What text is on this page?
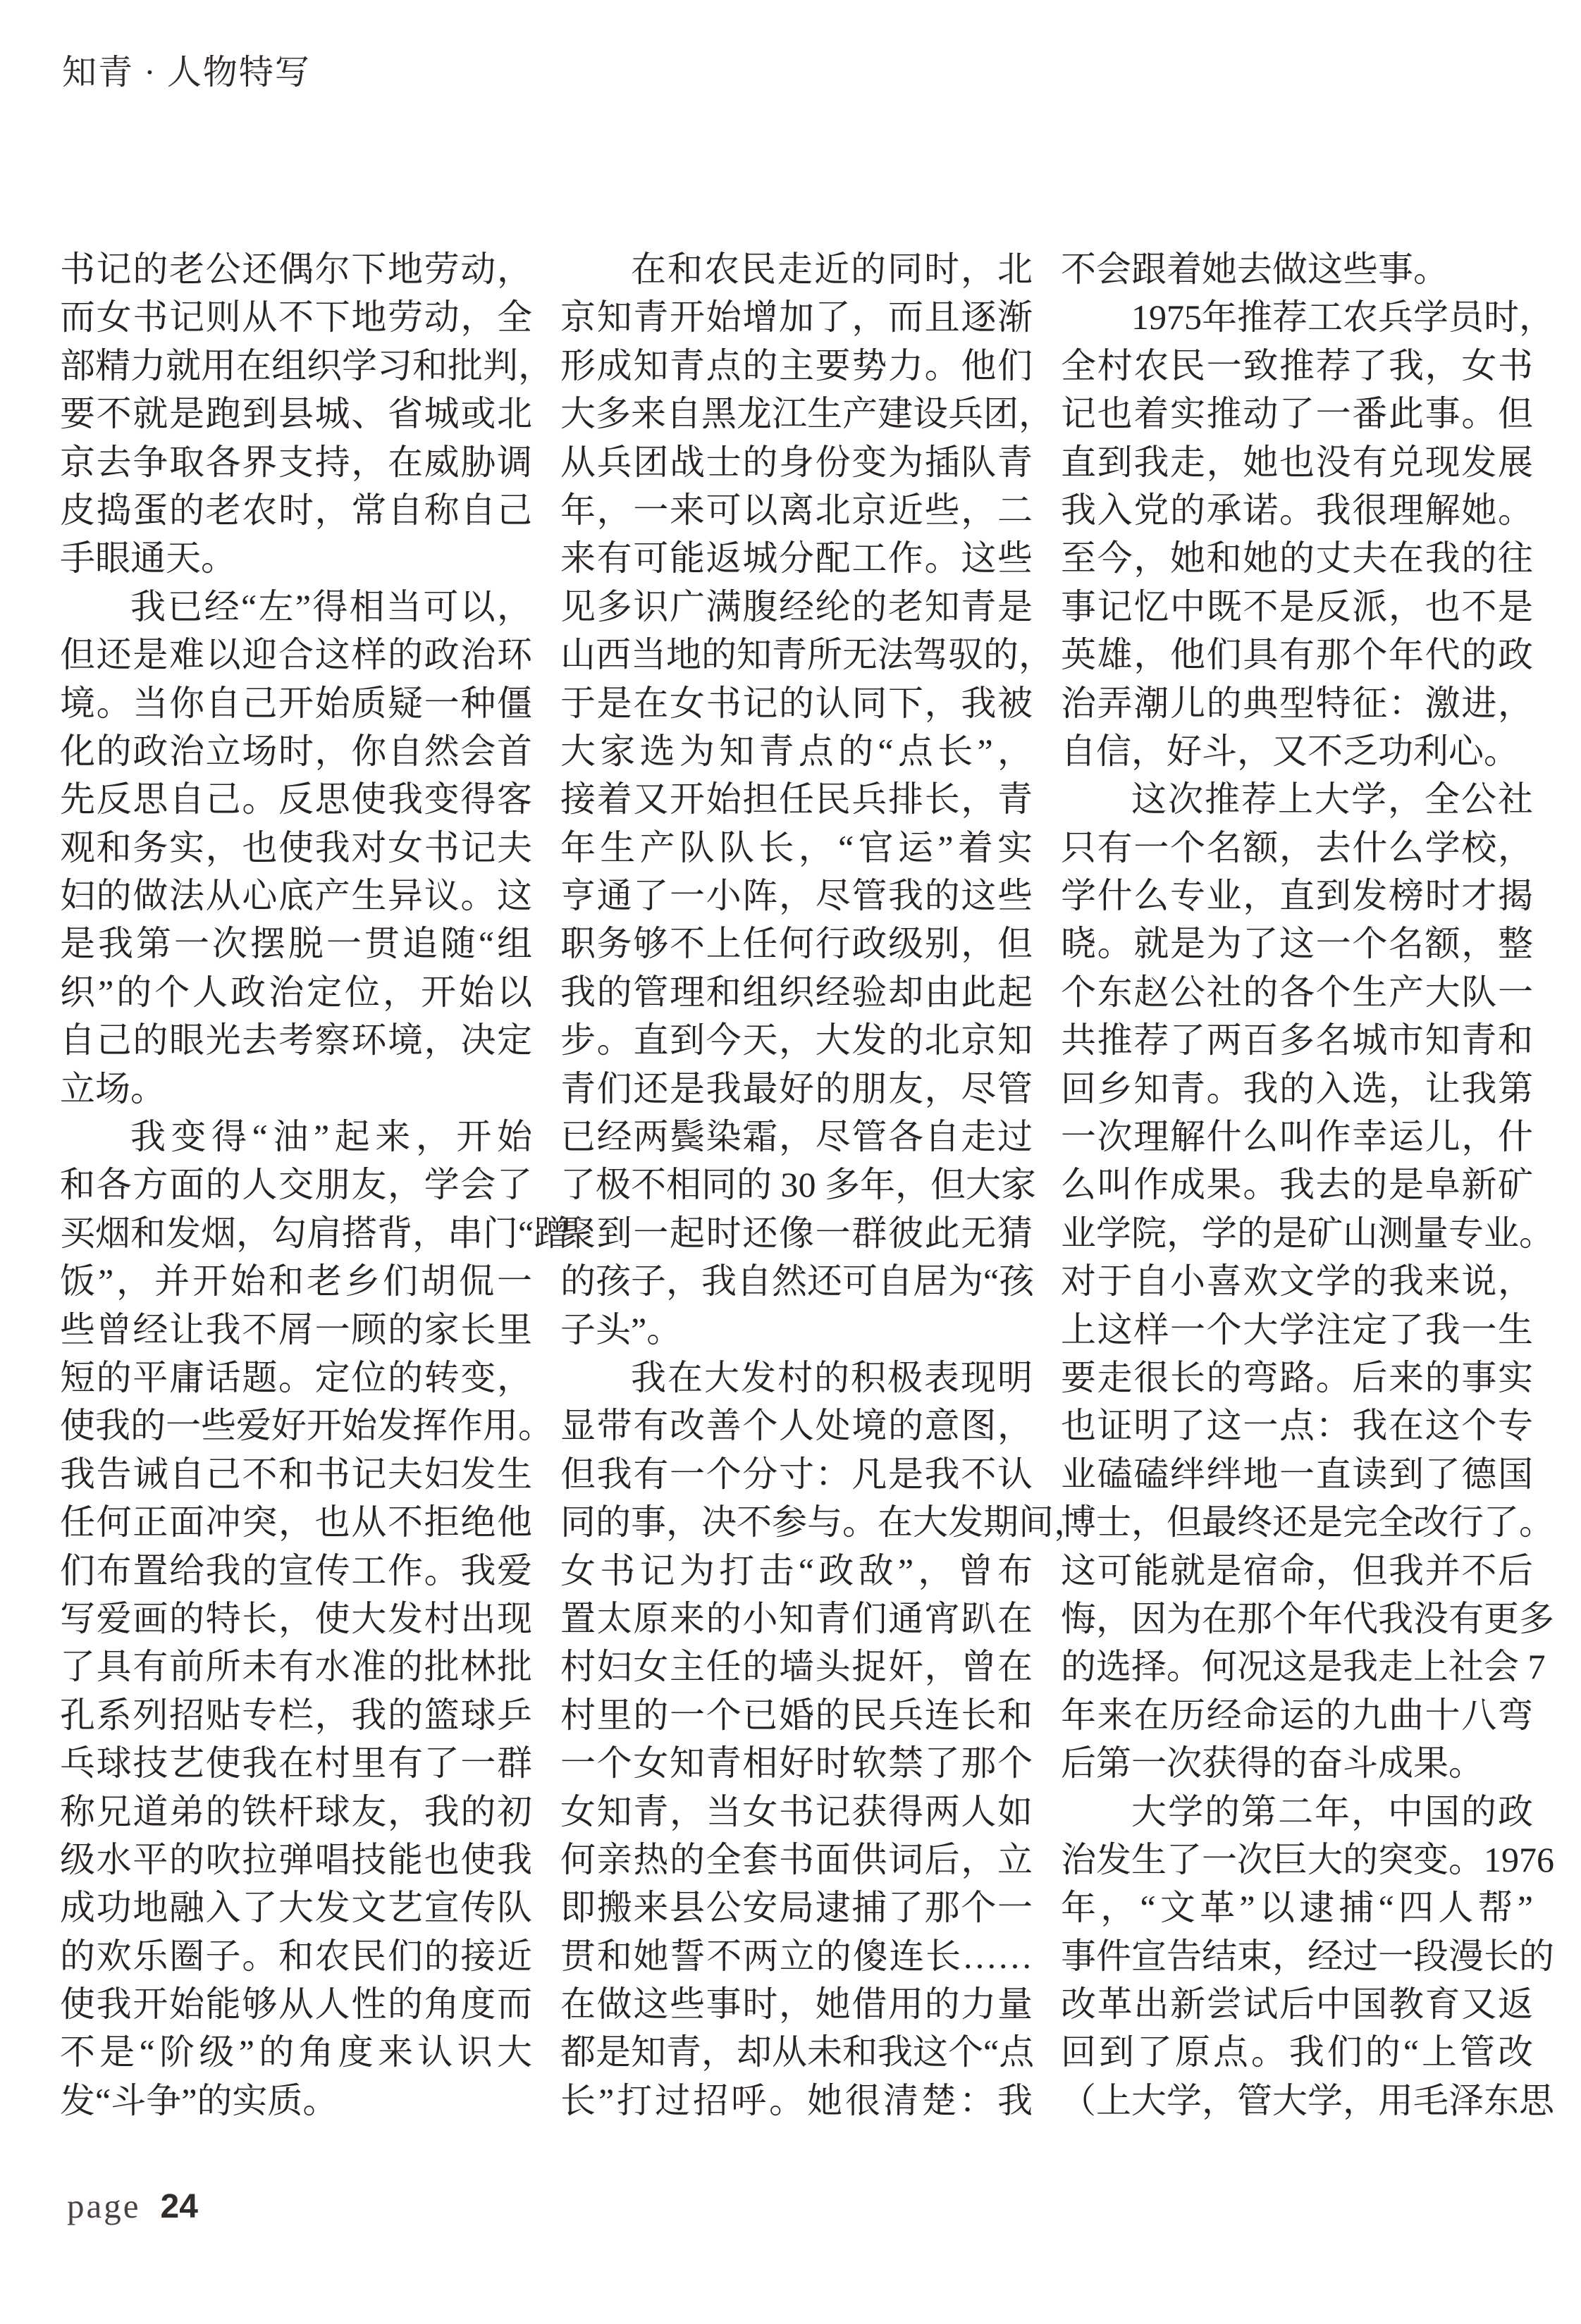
知青 · 人物特写
书记的老公还偶尔下地劳动，
而女书记则从不下地劳动，全
部精力就用在组织学习和批判，
要不就是跑到县城、省城或北
京去争取各界支持，在威胁调
皮捣蛋的老农时，常自称自己
手眼通天。
我已经“左”得相当可以，
但还是难以迎合这样的政治环
境。当你自己开始质疑一种僵
化的政治立场时，你自然会首
先反思自己。反思使我变得客
观和务实，也使我对女书记夫
妇的做法从心底产生异议。这
是我第一次摆脱一贯追随“组
织”的个人政治定位，开始以
自己的眼光去考察环境，决定
立场。
我变得“油”起来，开始
和各方面的人交朋友，学会了
买烟和发烟，勾肩搭背，串门“蹭
饭”，并开始和老乡们胡侃一
些曾经让我不屑一顾的家长里
短的平庸话题。定位的转变，
使我的一些爱好开始发挥作用。
我告诫自己不和书记夫妇发生
任何正面冲突，也从不拒绝他
们布置给我的宣传工作。我爱
写爱画的特长，使大发村出现
了具有前所未有水准的批林批
孔系列招贴专栏，我的篮球乒
乓球技艺使我在村里有了一群
称兄道弟的铁杆球友，我的初
级水平的吹拉弹唱技能也使我
成功地融入了大发文艺宣传队
的欢乐圈子。和农民们的接近
使我开始能够从人性的角度而
不是“阶级”的角度来认识大
发“斗争”的实质。
在和农民走近的同时，北
京知青开始增加了，而且逐渐
形成知青点的主要势力。他们
大多来自黑龙江生产建设兵团，
从兵团战士的身份变为插队青
年，一来可以离北京近些，二
来有可能返城分配工作。这些
见多识广满腹经纶的老知青是
山西当地的知青所无法驾驭的，
于是在女书记的认同下，我被
大家选为知青点的“点长”，
接着又开始担任民兵排长，青
年生产队队长，“官运”着实
亨通了一小阵，尽管我的这些
职务够不上任何行政级别，但
我的管理和组织经验却由此起
步。直到今天，大发的北京知
青们还是我最好的朋友，尽管
已经两鬓染霜，尽管各自走过
了极不相同的 30 多年，但大家
聚到一起时还像一群彼此无猜
的孩子，我自然还可自居为“孩
子头”。
我在大发村的积极表现明
显带有改善个人处境的意图，
但我有一个分寸：凡是我不认
同的事，决不参与。在大发期间，
女书记为打击“政敌”，曾布
置太原来的小知青们通宵趴在
村妇女主任的墙头捉奸，曾在
村里的一个已婚的民兵连长和
一个女知青相好时软禁了那个
女知青，当女书记获得两人如
何亲热的全套书面供词后，立
即搬来县公安局逮捕了那个一
贯和她誓不两立的傻连长……
在做这些事时，她借用的力量
都是知青，却从未和我这个“点
长”打过招呼。她很清楚：我
不会跟着她去做这些事。
1975年推荐工农兵学员时，
全村农民一致推荐了我，女书
记也着实推动了一番此事。但
直到我走，她也没有兑现发展
我入党的承诺。我很理解她。
至今，她和她的丈夫在我的往
事记忆中既不是反派，也不是
英雄，他们具有那个年代的政
治弄潮儿的典型特征：激进，
自信，好斗，又不乏功利心。
这次推荐上大学，全公社
只有一个名额，去什么学校，
学什么专业，直到发榜时才揭
晓。就是为了这一个名额，整
个东赵公社的各个生产大队一
共推荐了两百多名城市知青和
回乡知青。我的入选，让我第
一次理解什么叫作幸运儿，什
么叫作成果。我去的是阜新矿
业学院，学的是矿山测量专业。
对于自小喜欢文学的我来说，
上这样一个大学注定了我一生
要走很长的弯路。后来的事实
也证明了这一点：我在这个专
业磕磕绊绊地一直读到了德国
博士，但最终还是完全改行了。
这可能就是宿命，但我并不后
悔，因为在那个年代我没有更多
的选择。何况这是我走上社会 7
年来在历经命运的九曲十八弯
后第一次获得的奋斗成果。
大学的第二年，中国的政
治发生了一次巨大的突变。1976
年，“文革”以逮捕“四人帮”
事件宣告结束，经过一段漫长的
改革出新尝试后中国教育又返
回到了原点。我们的“上管改
（上大学，管大学，用毛泽东思
page 24
